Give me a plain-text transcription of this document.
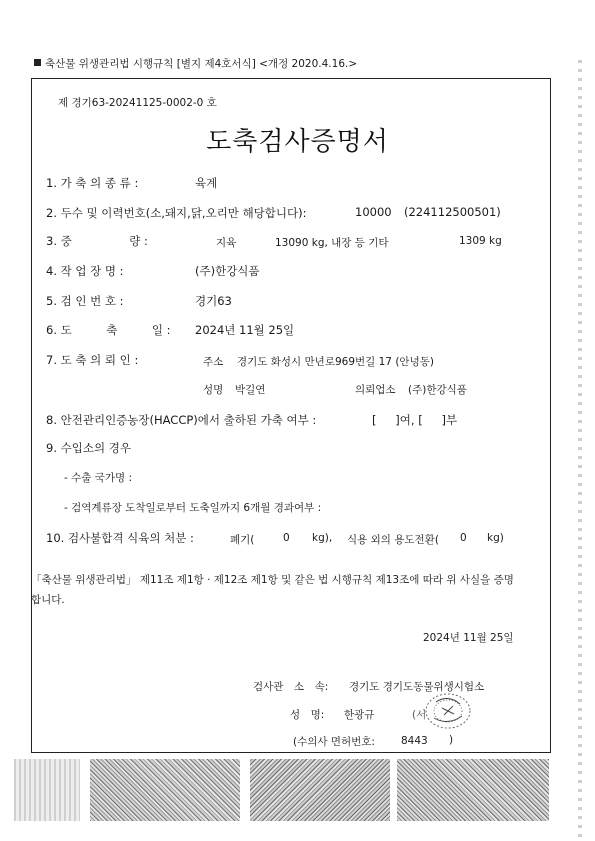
축산물 위생관리법 시행규칙 [별지 제4호서식] <개정 2020.4.16.>
제 경기63-20241125-0002-0 호
도축검사증명서
1. 가 축 의 종 류 :	육계
2. 두수 및 이력번호(소,돼지,닭,오리만 해당합니다):	10000 (224112500501)
3. 중　　　　　량 :	지육	13090 kg, 내장 등 기타	1309 kg
4. 작 업 장 명 :	(주)한강식품
5. 검 인 번 호 :	경기63
6. 도　　　축　　　일 : 2024년 11월 25일
7. 도 축 의 뢰 인 :	주소 경기도 화성시 만년로969번길 17 (안녕동)
성명 박길연	의뢰업소 (주)한강식품
8. 안전관리인증농장(HACCP)에서 출하된 가축 여부 :	[　  ]여, [　  ]부
9. 수입소의 경우
- 수출 국가명 :
- 검역계류장 도착일로부터 도축일까지 6개월 경과여부 :
10. 검사불합격 식육의 처분 :	폐기(	0 kg), 식용 외의 용도전환( 0 kg)
「축산물 위생관리법」 제11조 제1항 · 제12조 제1항 및 같은 법 시행규칙 제13조에 따라 위 사실을 증명
합니다.
2024년 11월 25일
검사관　소　속: 경기도 경기도동물위생시험소
성　명: 한광규	(서
(수의사 면허번호: 8443 )
